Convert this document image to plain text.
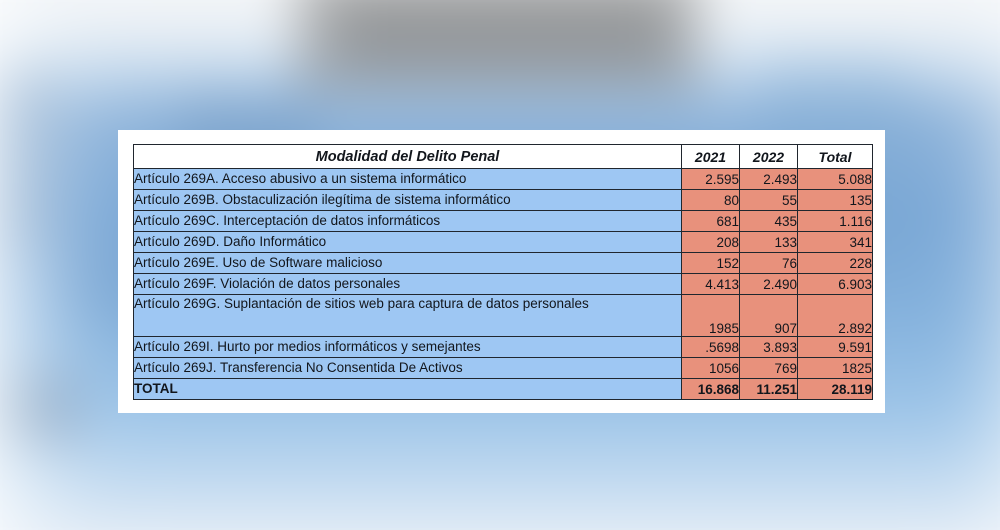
Modalidad del Delito Penal	2021	2022	Total
Artículo 269A. Acceso abusivo a un sistema informático	2.595	2.493	5.088
Artículo 269B. Obstaculización ilegítima de sistema informático	80	55	135
Artículo 269C. Interceptación de datos informáticos	681	435	1.116
Artículo 269D. Daño Informático	208	133	341
Artículo 269E. Uso de Software malicioso	152	76	228
Artículo 269F. Violación de datos personales	4.413	2.490	6.903
Artículo 269G. Suplantación de sitios web para captura de datos personales	1985	907	2.892
Artículo 269I. Hurto por medios informáticos y semejantes	.5698	3.893	9.591
Artículo 269J. Transferencia No Consentida De Activos	1056	769	1825
TOTAL	16.868	11.251	28.119
